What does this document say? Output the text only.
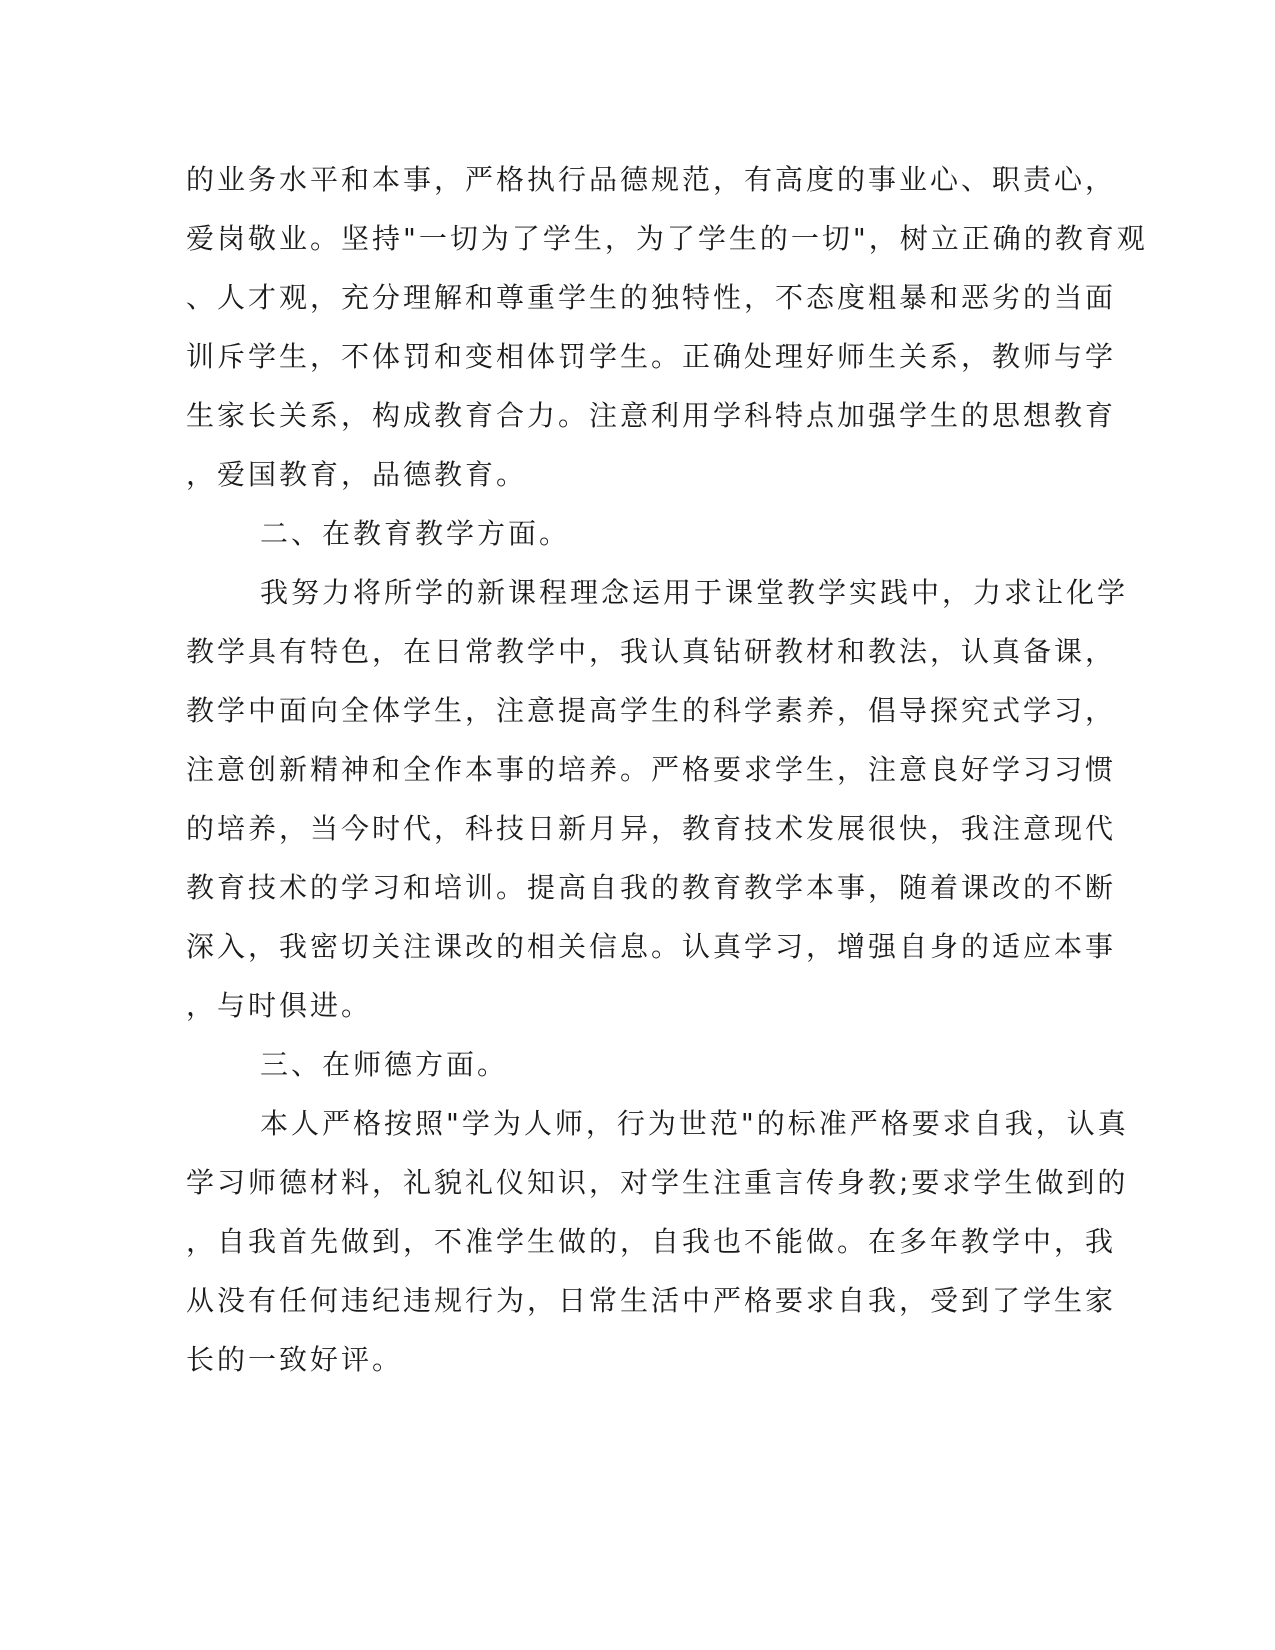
的业务水平和本事，严格执行品德规范，有高度的事业心、职责心，
爱岗敬业。坚持"一切为了学生，为了学生的一切"，树立正确的教育观
、人才观，充分理解和尊重学生的独特性，不态度粗暴和恶劣的当面
训斥学生，不体罚和变相体罚学生。正确处理好师生关系，教师与学
生家长关系，构成教育合力。注意利用学科特点加强学生的思想教育
，爱国教育，品德教育。
二、在教育教学方面。
我努力将所学的新课程理念运用于课堂教学实践中，力求让化学
教学具有特色，在日常教学中，我认真钻研教材和教法，认真备课，
教学中面向全体学生，注意提高学生的科学素养，倡导探究式学习，
注意创新精神和全作本事的培养。严格要求学生，注意良好学习习惯
的培养，当今时代，科技日新月异，教育技术发展很快，我注意现代
教育技术的学习和培训。提高自我的教育教学本事，随着课改的不断
深入，我密切关注课改的相关信息。认真学习，增强自身的适应本事
，与时俱进。
三、在师德方面。
本人严格按照"学为人师，行为世范"的标准严格要求自我，认真
学习师德材料，礼貌礼仪知识，对学生注重言传身教;要求学生做到的
，自我首先做到，不准学生做的，自我也不能做。在多年教学中，我
从没有任何违纪违规行为，日常生活中严格要求自我，受到了学生家
长的一致好评。
